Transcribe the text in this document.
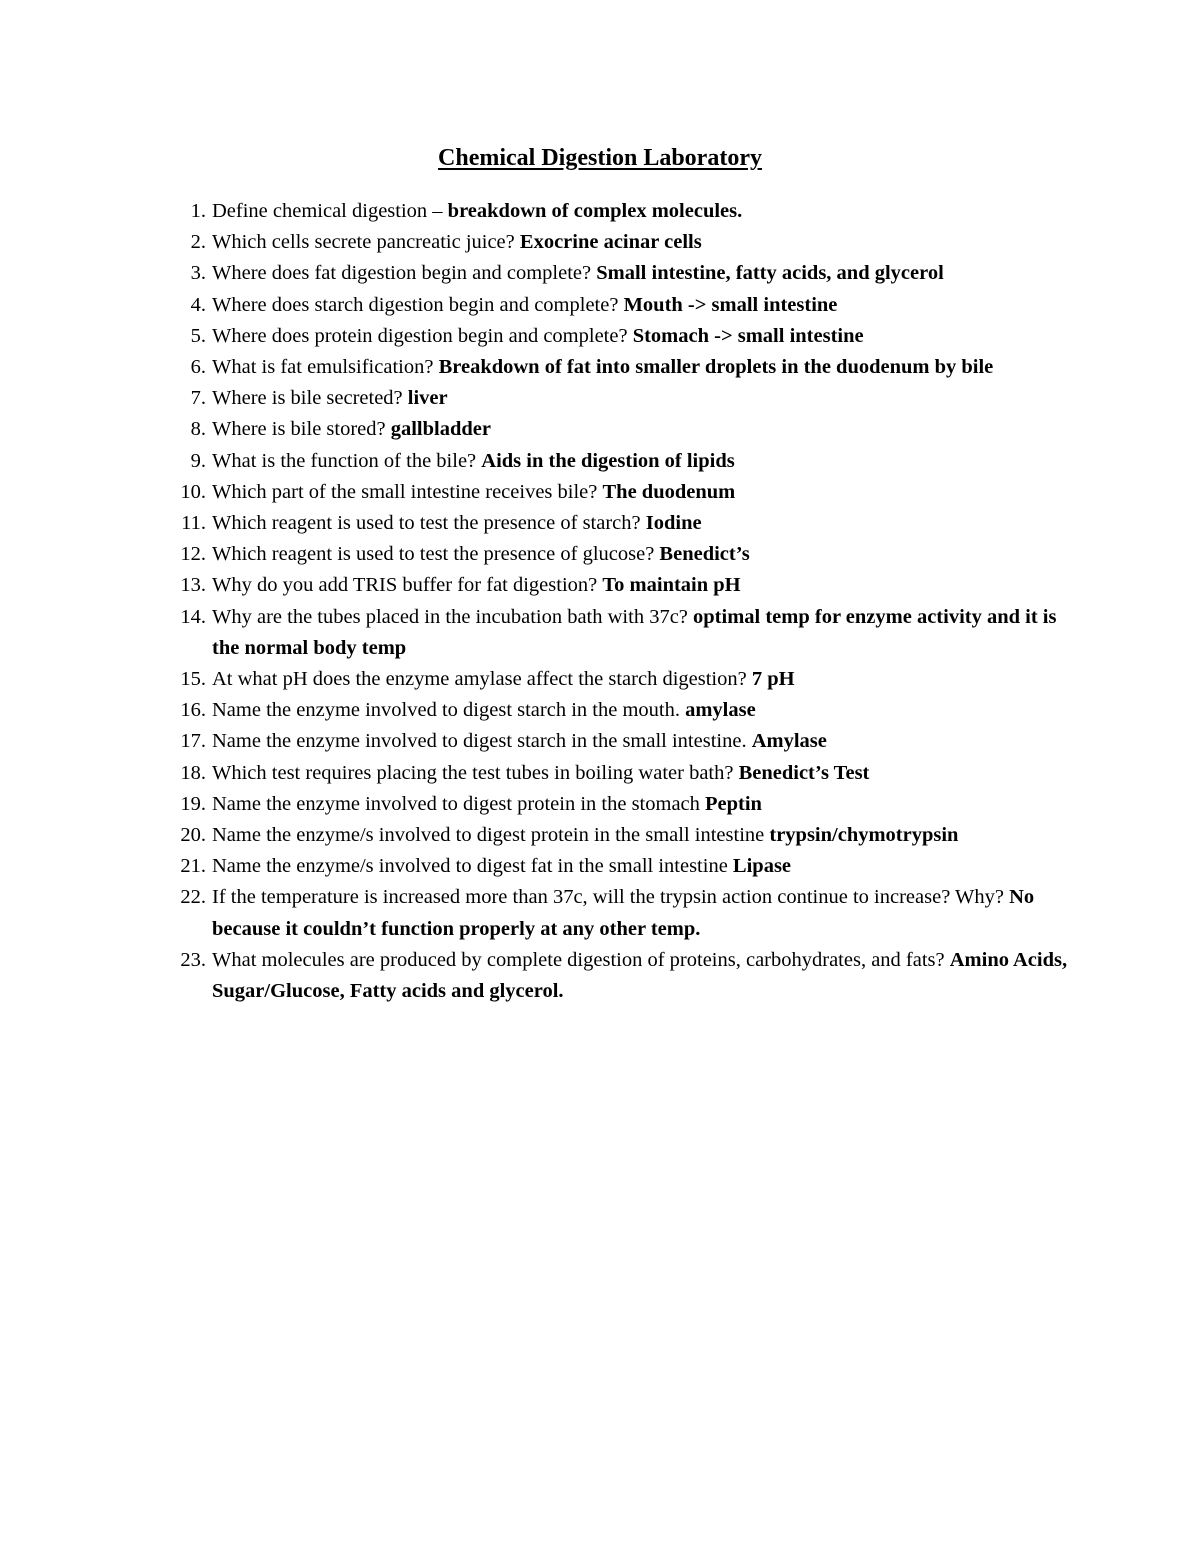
Chemical Digestion Laboratory
1. Define chemical digestion – breakdown of complex molecules.
2. Which cells secrete pancreatic juice? Exocrine acinar cells
3. Where does fat digestion begin and complete? Small intestine, fatty acids, and glycerol
4. Where does starch digestion begin and complete? Mouth -> small intestine
5. Where does protein digestion begin and complete? Stomach -> small intestine
6. What is fat emulsification? Breakdown of fat into smaller droplets in the duodenum by bile
7. Where is bile secreted? liver
8. Where is bile stored? gallbladder
9. What is the function of the bile? Aids in the digestion of lipids
10. Which part of the small intestine receives bile? The duodenum
11. Which reagent is used to test the presence of starch? Iodine
12. Which reagent is used to test the presence of glucose? Benedict’s
13. Why do you add TRIS buffer for fat digestion? To maintain pH
14. Why are the tubes placed in the incubation bath with 37c? optimal temp for enzyme activity and it is the normal body temp
15. At what pH does the enzyme amylase affect the starch digestion? 7 pH
16. Name the enzyme involved to digest starch in the mouth. amylase
17. Name the enzyme involved to digest starch in the small intestine. Amylase
18. Which test requires placing the test tubes in boiling water bath? Benedict’s Test
19. Name the enzyme involved to digest protein in the stomach Peptin
20. Name the enzyme/s involved to digest protein in the small intestine trypsin/chymotrypsin
21. Name the enzyme/s involved to digest fat in the small intestine Lipase
22. If the temperature is increased more than 37c, will the trypsin action continue to increase? Why? No because it couldn’t function properly at any other temp.
23. What molecules are produced by complete digestion of proteins, carbohydrates, and fats? Amino Acids, Sugar/Glucose, Fatty acids and glycerol.
